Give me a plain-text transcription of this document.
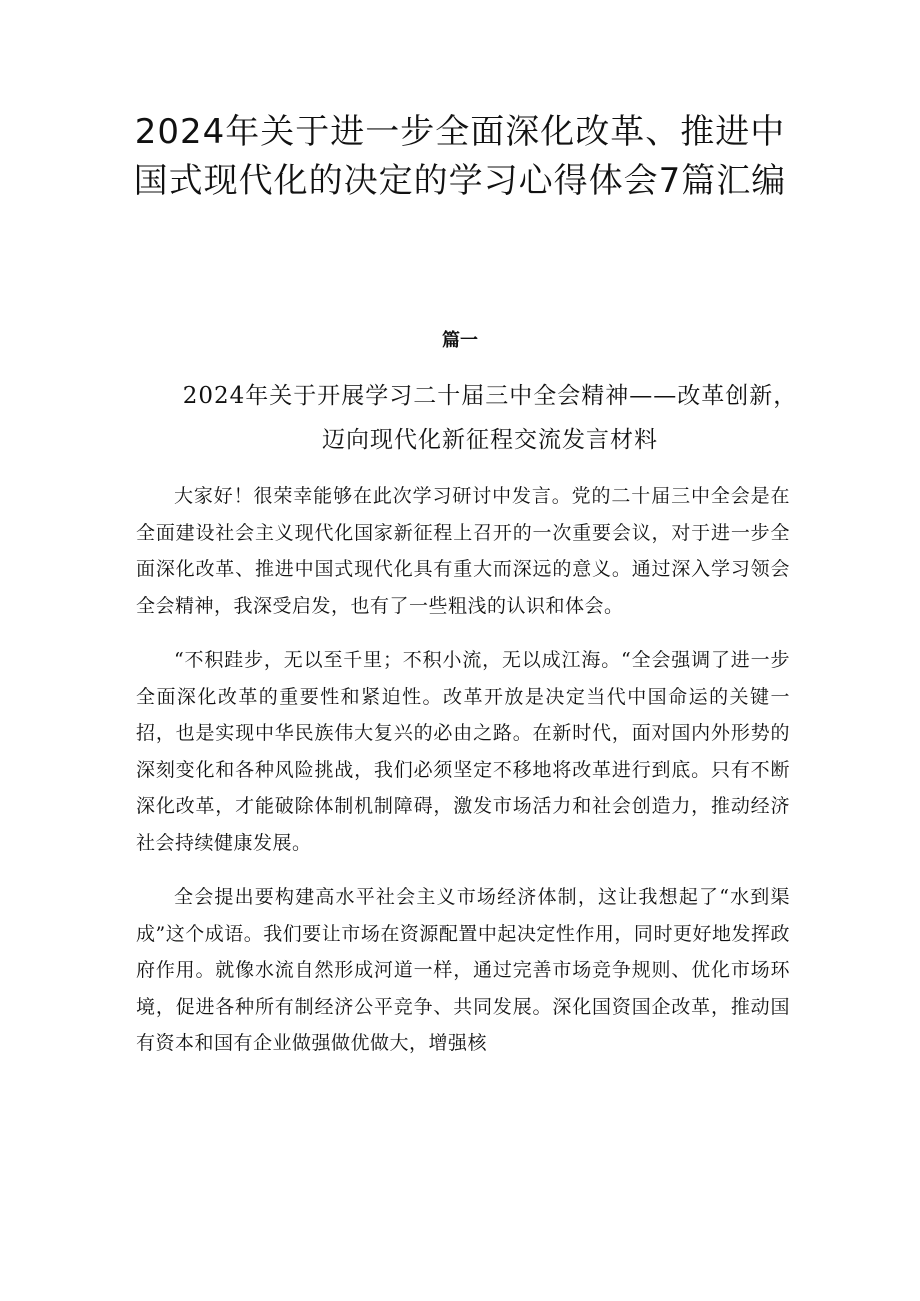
2024年关于进一步全面深化改革、推进中国式现代化的决定的学习心得体会7篇汇编
篇一
2024年关于开展学习二十届三中全会精神——改革创新，迈向现代化新征程交流发言材料

大家好！很荣幸能够在此次学习研讨中发言。党的二十届三中全会是在全面建设社会主义现代化国家新征程上召开的一次重要会议，对于进一步全面深化改革、推进中国式现代化具有重大而深远的意义。通过深入学习领会全会精神，我深受启发，也有了一些粗浅的认识和体会。

“不积跬步，无以至千里；不积小流，无以成江海。“全会强调了进一步全面深化改革的重要性和紧迫性。改革开放是决定当代中国命运的关键一招，也是实现中华民族伟大复兴的必由之路。在新时代，面对国内外形势的深刻变化和各种风险挑战，我们必须坚定不移地将改革进行到底。只有不断深化改革，才能破除体制机制障碍，激发市场活力和社会创造力，推动经济社会持续健康发展。

全会提出要构建高水平社会主义市场经济体制，这让我想起了“水到渠成”这个成语。我们要让市场在资源配置中起决定性作用，同时更好地发挥政府作用。就像水流自然形成河道一样，通过完善市场竞争规则、优化市场环境，促进各种所有制经济公平竞争、共同发展。深化国资国企改革，推动国有资本和国有企业做强做优做大，增强核
